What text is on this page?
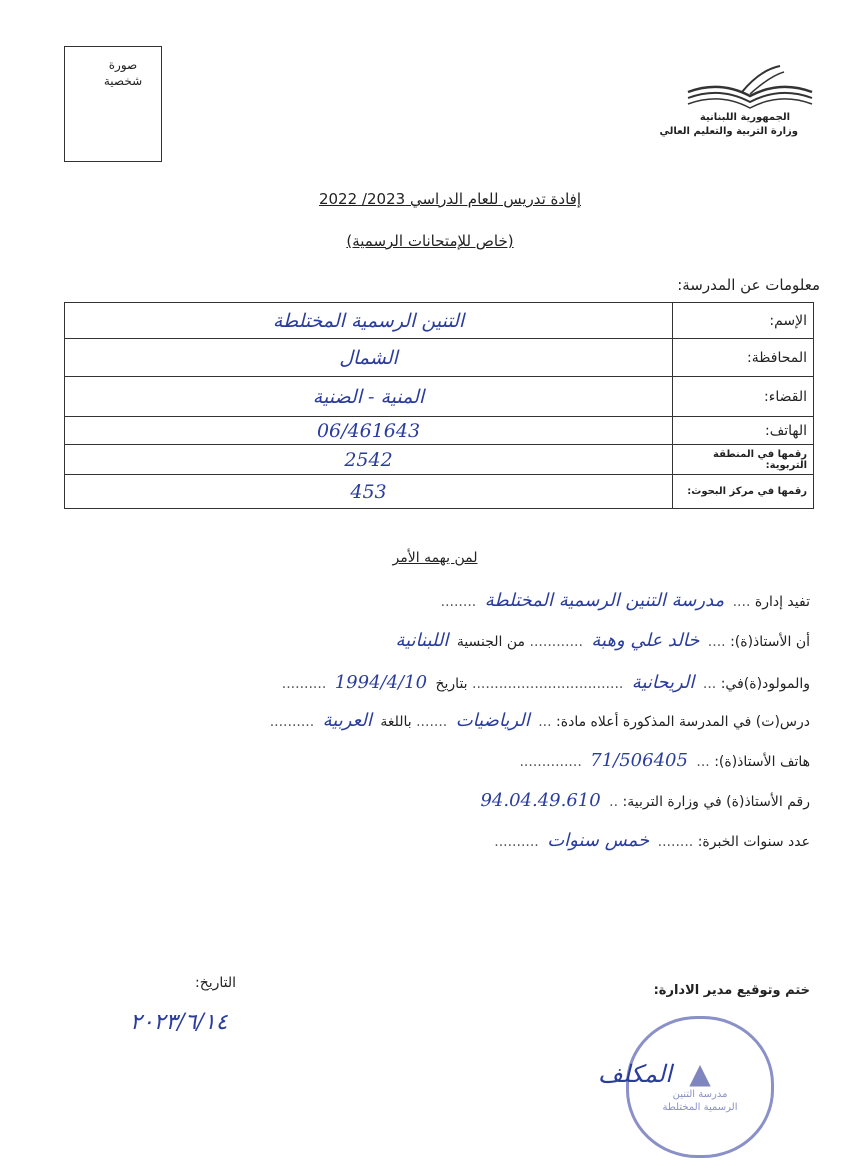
صورة شخصية
الجمهورية اللبنانية
وزارة التربية والتعليم العالي
إفادة تدريس للعام الدراسي 2023/ 2022
(خاص للإمتحانات الرسمية)
معلومات عن المدرسة:
الإسم:	التنين الرسمية المختلطة
المحافظة:	الشمال
القضاء:	المنية - الضنية
الهاتف:	06/461643
رقمها في المنطقة التربوية:	2542
رقمها في مركز البحوث:	453
لمن يهمه الأمر
تفيد إدارة .... مدرسة التنين الرسمية المختلطة ........
أن الأستاذ(ة): .... خالد علي وهبة ............ من الجنسية اللبنانية
والمولود(ة)في: ... الريحانية .................................. بتاريخ 1994/4/10 ..........
درس(ت) في المدرسة المذكورة أعلاه مادة: ... الرياضيات ....... باللغة العربية ..........
هاتف الأستاذ(ة): ... 71/506405 ..............
رقم الأستاذ(ة) في وزارة التربية: .. 94.04.49.610
عدد سنوات الخبرة: ........ خمس سنوات ..........
ختم وتوقيع مدير الادارة:
التاريخ:
٢٠٢٣/٦/١٤
▲
مدرسة التنين
الرسمية المختلطة
المكلف
